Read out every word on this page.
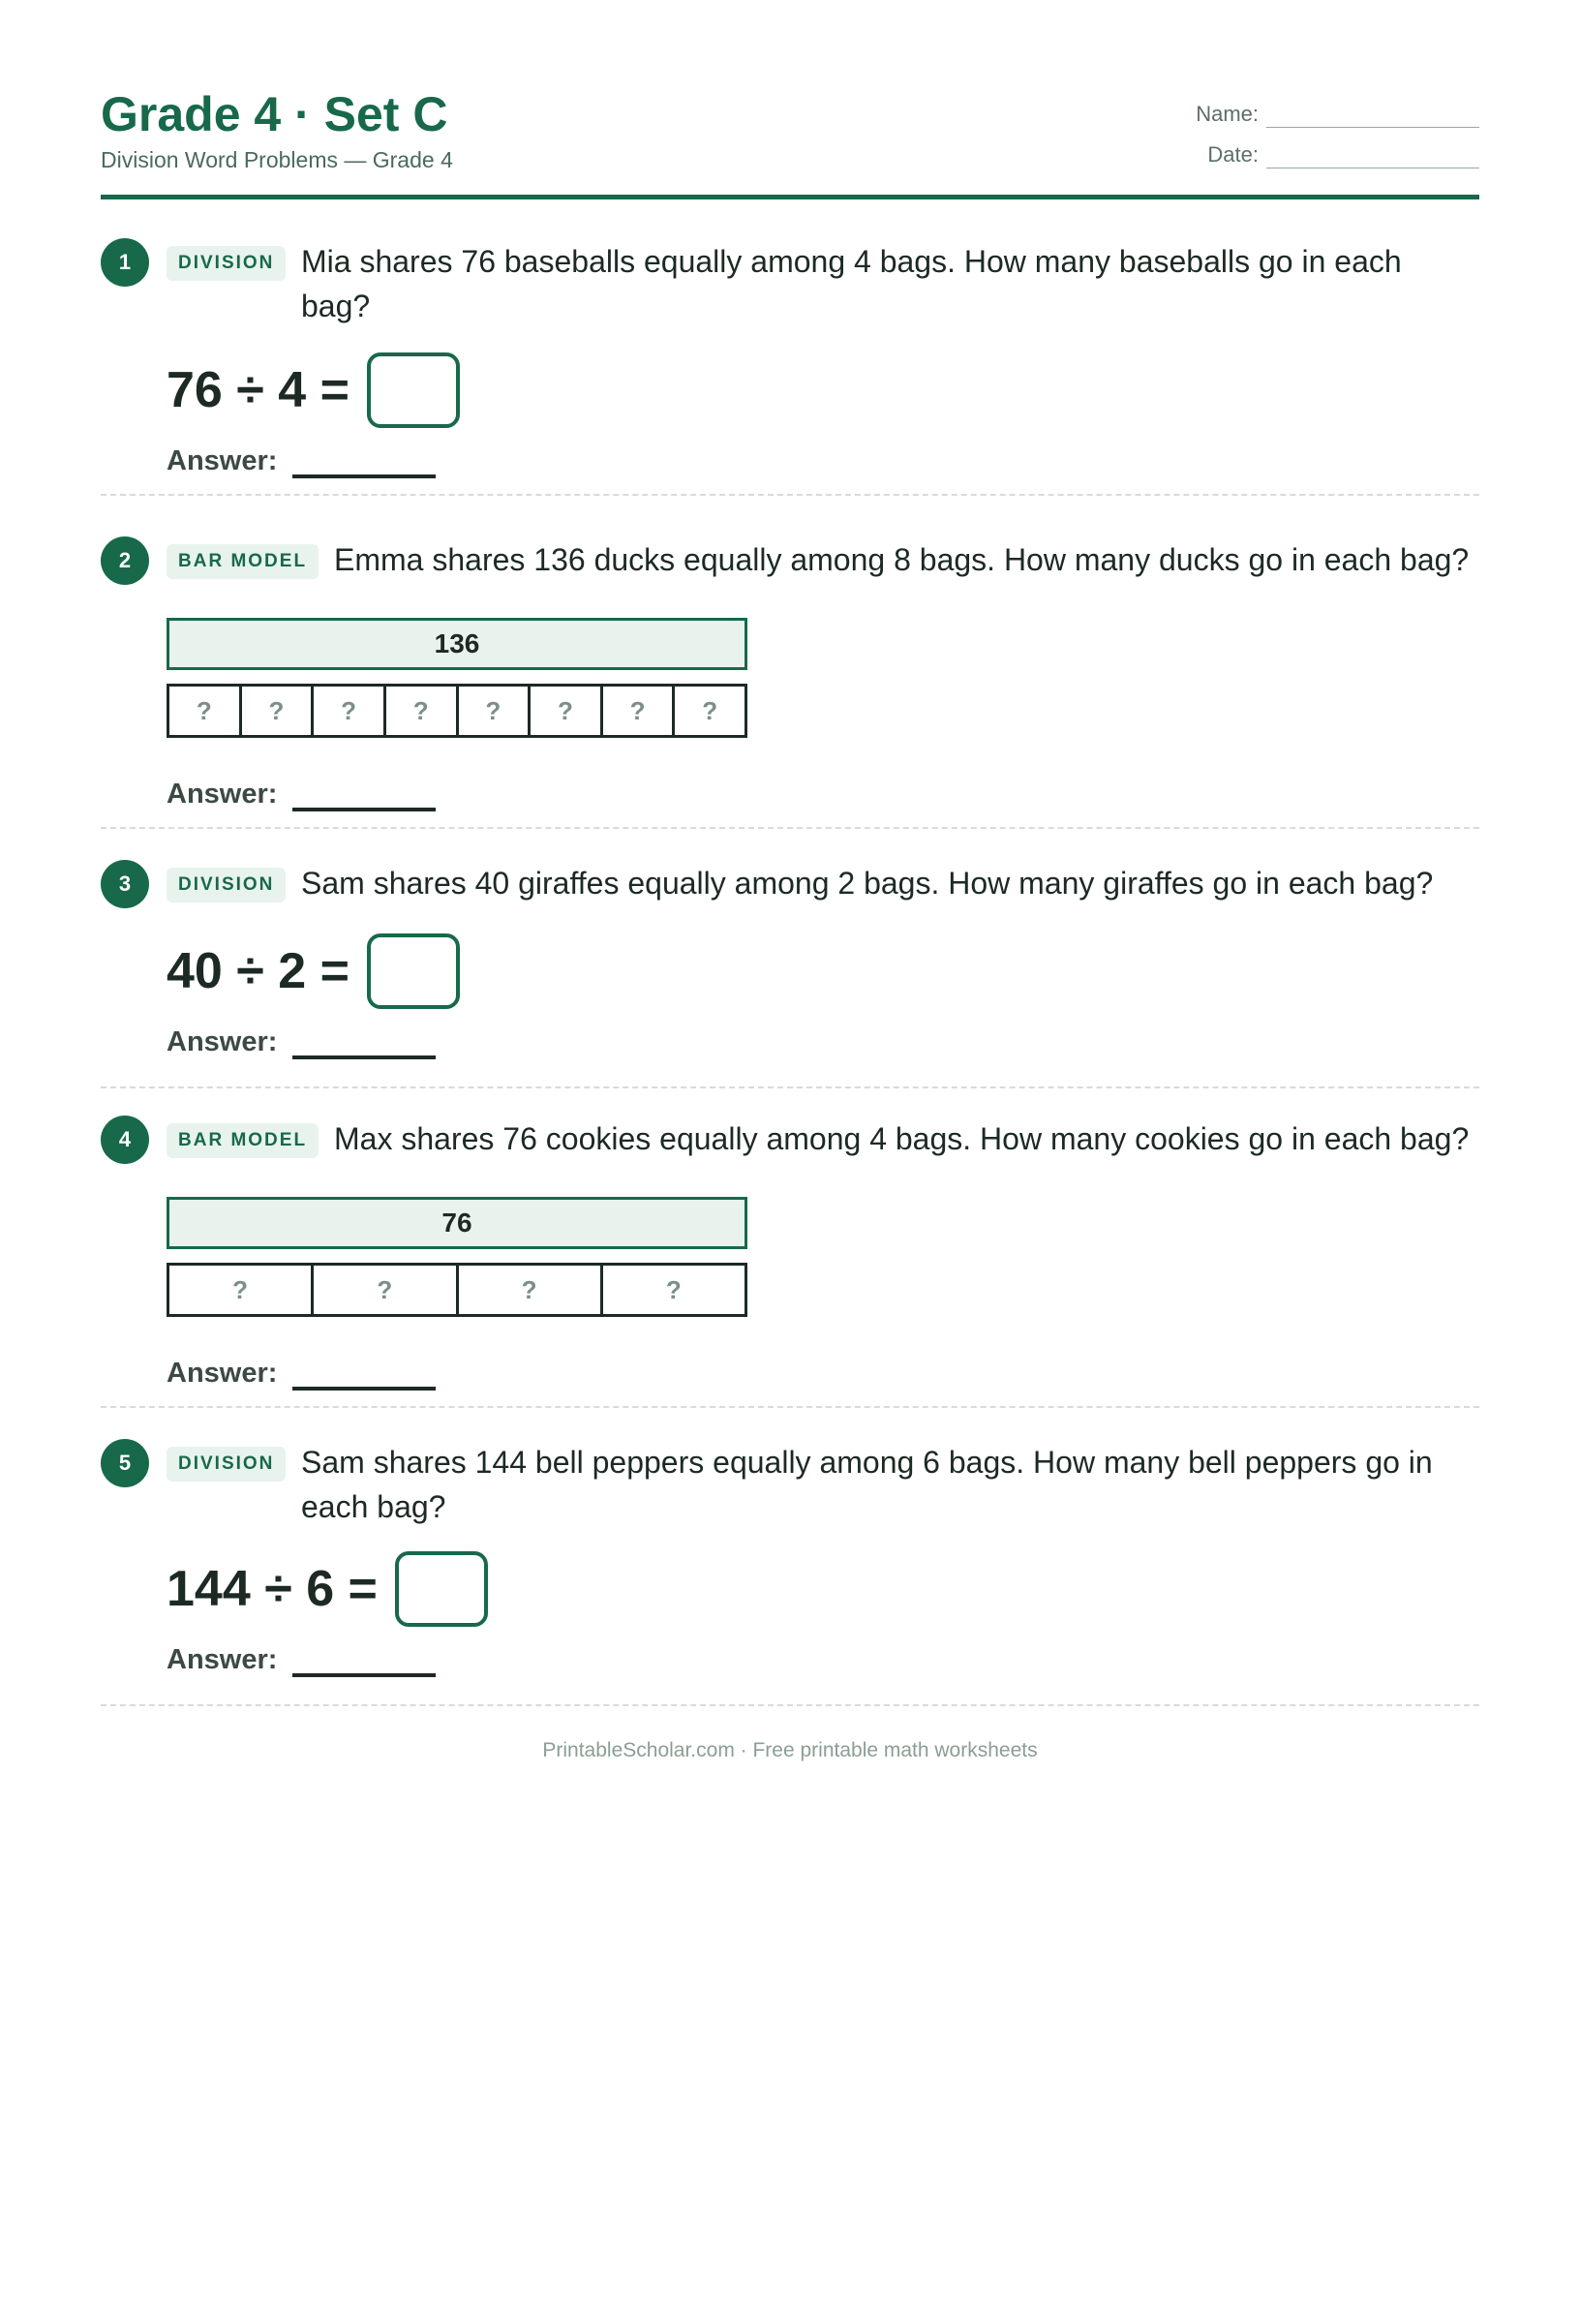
Grade 4 · Set C
Division Word Problems — Grade 4
Name:
Date:
1	DIVISION Mia shares 76 baseballs equally among 4 bags. How many baseballs go in each bag?
76 ÷ 4 =
Answer:
2	BAR MODEL Emma shares 136 ducks equally among 8 bags. How many ducks go in each bag?
136
?	?	?	?	?	?	?	?
Answer:
3	DIVISION Sam shares 40 giraffes equally among 2 bags. How many giraffes go in each bag?
40 ÷ 2 =
Answer:
4	BAR MODEL Max shares 76 cookies equally among 4 bags. How many cookies go in each bag?
76
?	?	?	?
Answer:
5	DIVISION Sam shares 144 bell peppers equally among 6 bags. How many bell peppers go in each bag?
144 ÷ 6 =
Answer:
PrintableScholar.com · Free printable math worksheets
